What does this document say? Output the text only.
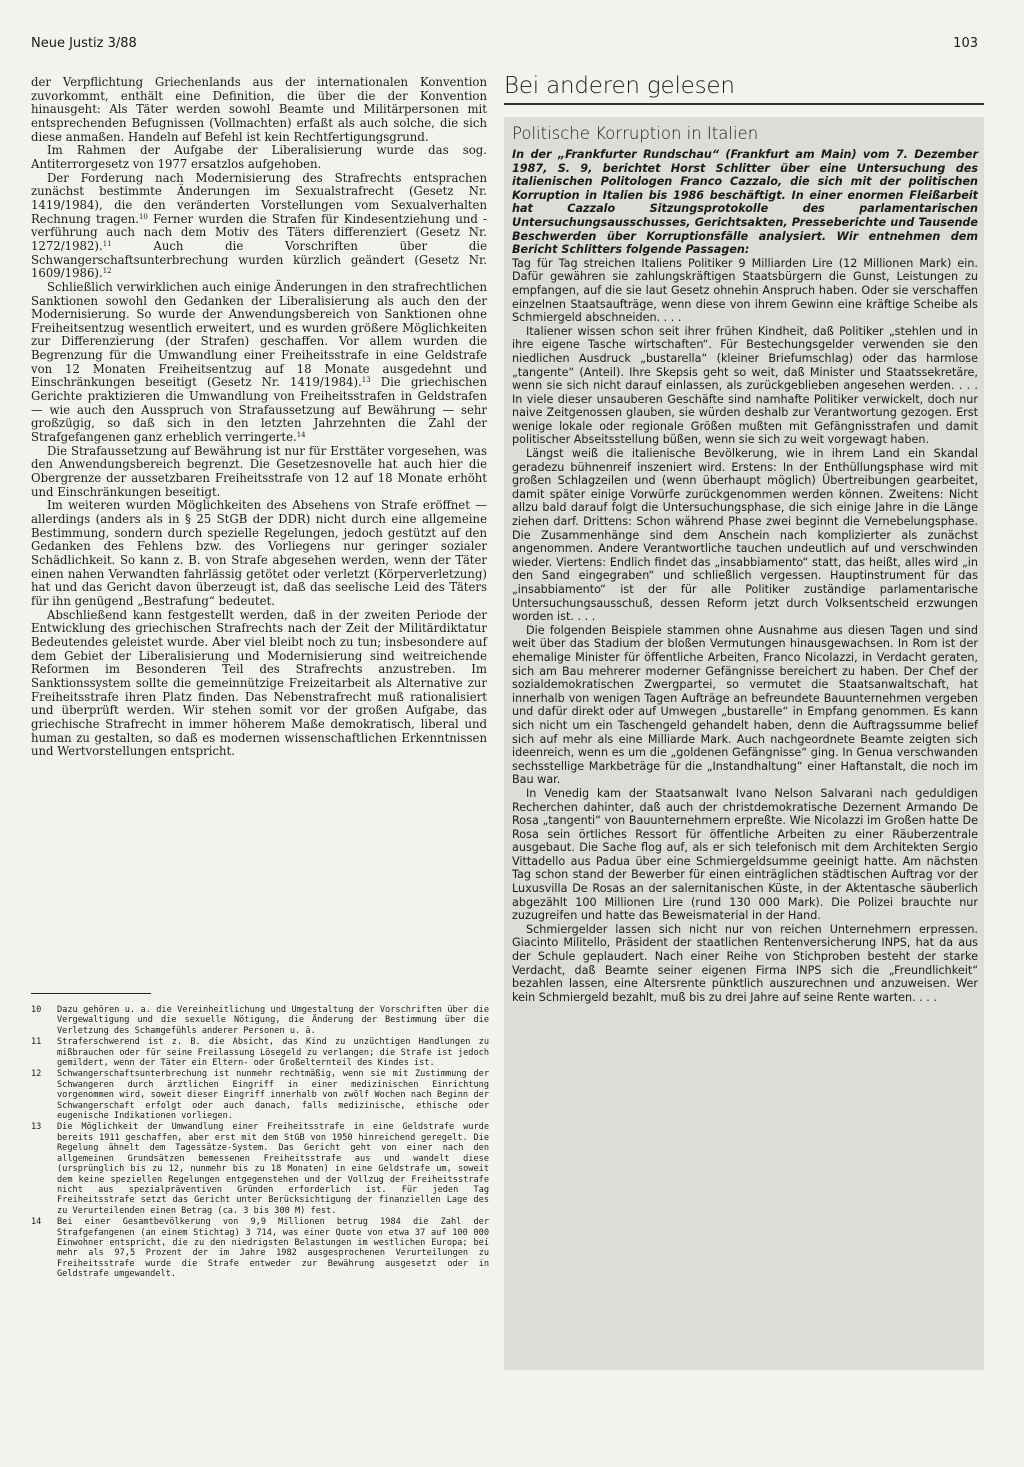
Neue Justiz 3/88	103

der Verpflichtung Griechenlands aus der internationalen Konvention zuvorkommt, enthält eine Definition, die über die der Konvention hinausgeht: Als Täter werden sowohl Beamte und Militärpersonen mit entsprechenden Befugnissen (Vollmachten) erfaßt als auch solche, die sich diese anmaßen. Handeln auf Befehl ist kein Rechtfertigungsgrund.

Im Rahmen der Aufgabe der Liberalisierung wurde das sog. Antiterrorgesetz von 1977 ersatzlos aufgehoben.

Der Forderung nach Modernisierung des Strafrechts entsprachen zunächst bestimmte Änderungen im Sexualstrafrecht (Gesetz Nr. 1419/1984), die den veränderten Vorstellungen vom Sexualverhalten Rechnung tragen.$^{10}$ Ferner wurden die Strafen für Kindesentziehung und -verführung auch nach dem Motiv des Täters differenziert (Gesetz Nr. 1272/1982).$^{11}$	Auch die Vorschriften über die Schwangerschaftsunterbrechung wurden kürzlich geändert (Gesetz Nr. 1609/1986).$^{12}$

Schließlich verwirklichen auch einige Änderungen in den strafrechtlichen Sanktionen sowohl den Gedanken der Liberalisierung als auch den der Modernisierung. So wurde der Anwendungsbereich von Sanktionen ohne Freiheitsentzug wesentlich erweitert, und es wurden größere Möglichkeiten zur Differenzierung (der Strafen) geschaffen. Vor allem wurden die Begrenzung für die Umwandlung einer Freiheitsstrafe in eine Geldstrafe von 12 Monaten Freiheitsentzug auf 18 Monate ausgedehnt und Einschränkungen beseitigt (Gesetz Nr. 1419/1984).$^{13}$ Die griechischen Gerichte praktizieren die Umwandlung von Freiheitsstrafen in Geldstrafen — wie auch den Ausspruch von Strafaussetzung auf Bewährung — sehr großzügig, so daß sich in den letzten Jahrzehnten die Zahl der Strafgefangenen ganz erheblich verringerte.$^{14}$

Die Strafaussetzung auf Bewährung ist nur für Ersttäter vorgesehen, was den Anwendungsbereich begrenzt. Die Gesetzesnovelle hat auch hier die Obergrenze der aussetzbaren Freiheitsstrafe von 12 auf 18 Monate erhöht und Einschränkungen beseitigt.

Im weiteren wurden Möglichkeiten des Absehens von Strafe eröffnet — allerdings (anders als in § 25 StGB der DDR) nicht durch eine allgemeine Bestimmung, sondern durch spezielle Regelungen, jedoch gestützt auf den Gedanken des Fehlens bzw. des Vorliegens nur geringer sozialer Schädlichkeit. So kann z. B. von Strafe abgesehen werden, wenn der Täter einen nahen Verwandten fahrlässig getötet oder verletzt (Körperverletzung) hat und das Gericht davon überzeugt ist, daß das seelische Leid des Täters für ihn genügend „Bestrafung“ bedeutet.

Abschließend kann festgestellt werden, daß in der zweiten Periode der Entwicklung des griechischen Strafrechts nach der Zeit der Militärdiktatur Bedeutendes geleistet wurde. Aber viel bleibt noch zu tun; insbesondere auf dem Gebiet der Liberalisierung und Modernisierung sind weitreichende Reformen im Besonderen Teil des Strafrechts anzustreben. Im Sanktionssystem sollte die gemeinnützige Freizeitarbeit als Alternative zur Freiheitsstrafe ihren Platz finden. Das Nebenstrafrecht muß rationalisiert und überprüft werden. Wir stehen somit vor der großen Aufgabe, das griechische Strafrecht in immer höherem Maße demokratisch, liberal und human zu gestalten, so daß es modernen wissenschaftlichen Erkenntnissen und Wertvorstellungen entspricht.

10	Dazu gehören u. a. die Vereinheitlichung und Umgestaltung der Vorschriften über die Vergewaltigung und die sexuelle Nötigung, die Änderung der Bestimmung über die Verletzung des Schamgefühls anderer Personen u. ä.
11	Straferschwerend ist z. B. die Absicht, das Kind zu unzüchtigen Handlungen zu mißbrauchen oder für seine Freilassung Lösegeld zu verlangen; die Strafe ist jedoch gemildert, wenn der Täter ein Eltern- oder Großelternteil des Kindes ist.
12	Schwangerschaftsunterbrechung ist nunmehr rechtmäßig, wenn sie mit Zustimmung der Schwangeren durch ärztlichen Eingriff in einer medizinischen Einrichtung vorgenommen wird, soweit dieser Eingriff innerhalb von zwölf Wochen nach Beginn der Schwangerschaft erfolgt oder auch danach, falls medizinische, ethische oder eugenische Indikationen vorliegen.
13	Die Möglichkeit der Umwandlung einer Freiheitsstrafe in eine Geldstrafe wurde bereits 1911 geschaffen, aber erst mit dem StGB von 1950 hinreichend geregelt. Die Regelung ähnelt dem Tagessätze-System. Das Gericht geht von einer nach den allgemeinen Grundsätzen bemessenen Freiheitsstrafe aus und wandelt diese (ursprünglich bis zu 12, nunmehr bis zu 18 Monaten) in eine Geldstrafe um, soweit dem keine speziellen Regelungen entgegenstehen und der Vollzug der Freiheitsstrafe nicht aus spezialpräventiven Gründen erforderlich ist. Für jeden Tag Freiheitsstrafe setzt das Gericht unter Berücksichtigung der finanziellen Lage des zu Verurteilenden einen Betrag (ca. 3 bis 300 M) fest.
14	Bei einer Gesamtbevölkerung von 9,9 Millionen betrug 1984 die Zahl der Strafgefangenen (an einem Stichtag) 3 714, was einer Quote von etwa 37 auf 100 000 Einwohner entspricht, die zu den niedrigsten Belastungen im westlichen Europa; bei mehr als 97,5 Prozent der im Jahre 1982 ausgesprochenen Verurteilungen zu Freiheitsstrafe wurde die Strafe entweder zur Bewährung ausgesetzt oder in Geldstrafe umgewandelt.
Bei anderen gelesen
Politische Korruption in Italien

In der „Frankfurter Rundschau“ (Frankfurt am Main) vom 7. Dezember 1987, S. 9, berichtet Horst Schlitter über eine Untersuchung des italienischen Politologen Franco Cazzalo, die sich mit der politischen Korruption in Italien bis 1986 beschäftigt. In einer enormen Fleißarbeit hat Cazzalo Sitzungsprotokolle des parlamentarischen Untersuchungsausschusses, Gerichtsakten, Presseberichte und Tausende Beschwerden über Korruptionsfälle analysiert. Wir entnehmen dem Bericht Schlitters folgende Passagen:

Tag für Tag streichen Italiens Politiker 9 Milliarden Lire (12 Millionen Mark) ein. Dafür gewähren sie zahlungskräftigen Staatsbürgern die Gunst, Leistungen zu empfangen, auf die sie laut Gesetz ohnehin Anspruch haben. Oder sie verschaffen einzelnen Staatsaufträge, wenn diese von ihrem Gewinn eine kräftige Scheibe als Schmiergeld abschneiden. . . .

Italiener wissen schon seit ihrer frühen Kindheit, daß Politiker „stehlen und in ihre eigene Tasche wirtschaften“. Für Bestechungsgelder verwenden sie den niedlichen Ausdruck „bustarella“ (kleiner Briefumschlag) oder das harmlose „tangente“ (Anteil). Ihre Skepsis geht so weit, daß Minister und Staatssekretäre, wenn sie sich nicht darauf einlassen, als zurückgeblieben angesehen werden. . . . In viele dieser unsauberen Geschäfte sind namhafte Politiker verwickelt, doch nur naive Zeitgenossen glauben, sie würden deshalb zur Verantwortung gezogen. Erst wenige lokale oder regionale Größen mußten mit Gefängnisstrafen und damit politischer Abseitsstellung büßen, wenn sie sich zu weit vorgewagt haben.

Längst weiß die italienische Bevölkerung, wie in ihrem Land ein Skandal geradezu bühnenreif inszeniert wird. Erstens: In der Enthüllungsphase wird mit großen Schlagzeilen und (wenn überhaupt möglich) Übertreibungen gearbeitet, damit später einige Vorwürfe zurückgenommen werden können. Zweitens: Nicht allzu bald darauf folgt die Untersuchungsphase, die sich einige Jahre in die Länge ziehen darf. Drittens: Schon während Phase zwei beginnt die Vernebelungsphase. Die Zusammenhänge sind dem Anschein nach komplizierter als zunächst angenommen. Andere Verantwortliche tauchen undeutlich auf und verschwinden wieder. Viertens: Endlich findet das „insabbiamento“ statt, das heißt, alles wird „in den Sand eingegraben“ und schließlich vergessen. Hauptinstrument für das „insabbiamento“ ist der für alle Politiker zuständige parlamentarische Untersuchungsausschuß, dessen Reform jetzt durch Volksentscheid erzwungen worden ist. . . .

Die folgenden Beispiele stammen ohne Ausnahme aus diesen Tagen und sind weit über das Stadium der bloßen Vermutungen hinausgewachsen. In Rom ist der ehemalige Minister für öffentliche Arbeiten, Franco Nicolazzi, in Verdacht geraten, sich am Bau mehrerer moderner Gefängnisse bereichert zu haben. Der Chef der sozialdemokratischen Zwergpartei, so vermutet die Staatsanwaltschaft, hat innerhalb von wenigen Tagen Aufträge an befreundete Bauunternehmen vergeben und dafür direkt oder auf Umwegen „bustarelle“ in Empfang genommen. Es kann sich nicht um ein Taschengeld gehandelt haben, denn die Auftragssumme belief sich auf mehr als eine Milliarde Mark. Auch nachgeordnete Beamte zeigten sich ideenreich, wenn es um die „goldenen Gefängnisse“ ging. In Genua verschwanden sechsstellige Markbeträge für die „Instandhaltung“ einer Haftanstalt, die noch im Bau war.

In Venedig kam der Staatsanwalt Ivano Nelson Salvarani nach geduldigen Recherchen dahinter, daß auch der christdemokratische Dezernent Armando De Rosa „tangenti“ von Bauunternehmern erpreßte. Wie Nicolazzi im Großen hatte De Rosa sein örtliches Ressort für öffentliche Arbeiten zu einer Räuberzentrale ausgebaut. Die Sache flog auf, als er sich telefonisch mit dem Architekten Sergio Vittadello aus Padua über eine Schmiergeldsumme geeinigt hatte. Am nächsten Tag schon stand der Bewerber für einen einträglichen städtischen Auftrag vor der Luxusvilla De Rosas an der salernitanischen Küste, in der Aktentasche säuberlich abgezählt 100 Millionen Lire (rund 130 000 Mark). Die Polizei brauchte nur zuzugreifen und hatte das Beweismaterial in der Hand.

Schmiergelder lassen sich nicht nur von reichen Unternehmern erpressen. Giacinto Militello, Präsident der staatlichen Rentenversicherung INPS, hat da aus der Schule geplaudert. Nach einer Reihe von Stichproben besteht der starke Verdacht, daß Beamte seiner eigenen Firma INPS sich die „Freundlichkeit“ bezahlen lassen, eine Altersrente pünktlich auszurechnen und anzuweisen. Wer kein Schmiergeld bezahlt, muß bis zu drei Jahre auf seine Rente warten. . . .
